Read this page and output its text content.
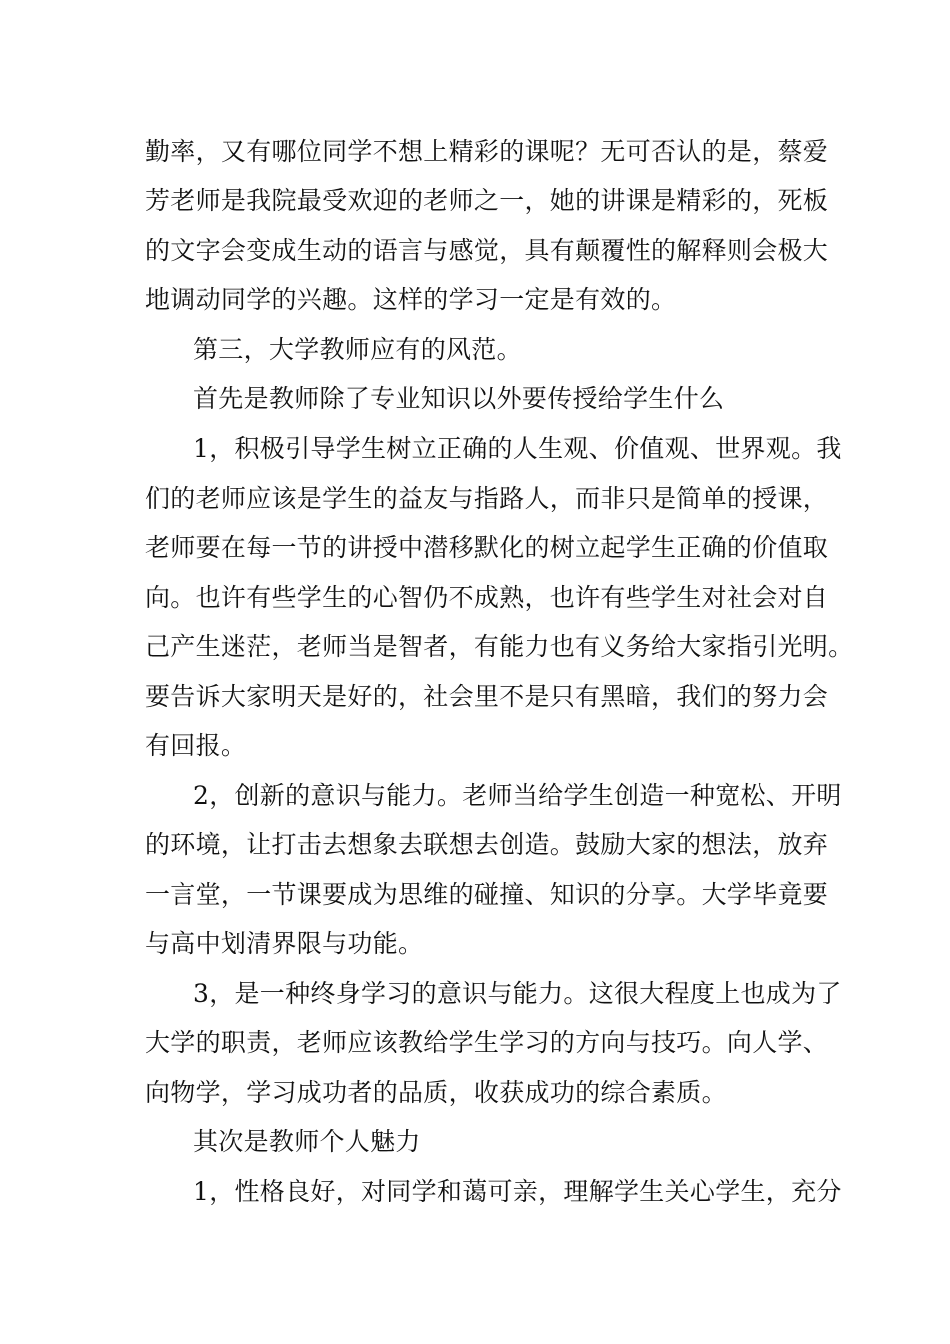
勤率，又有哪位同学不想上精彩的课呢？无可否认的是，蔡爱
芳老师是我院最受欢迎的老师之一，她的讲课是精彩的，死板
的文字会变成生动的语言与感觉，具有颠覆性的解释则会极大
地调动同学的兴趣。这样的学习一定是有效的。
第三，大学教师应有的风范。
首先是教师除了专业知识以外要传授给学生什么
1，积极引导学生树立正确的人生观、价值观、世界观。我
们的老师应该是学生的益友与指路人，而非只是简单的授课，
老师要在每一节的讲授中潜移默化的树立起学生正确的价值取
向。也许有些学生的心智仍不成熟，也许有些学生对社会对自
己产生迷茫，老师当是智者，有能力也有义务给大家指引光明。
要告诉大家明天是好的，社会里不是只有黑暗，我们的努力会
有回报。
2，创新的意识与能力。老师当给学生创造一种宽松、开明
的环境，让打击去想象去联想去创造。鼓励大家的想法，放弃
一言堂，一节课要成为思维的碰撞、知识的分享。大学毕竟要
与高中划清界限与功能。
3，是一种终身学习的意识与能力。这很大程度上也成为了
大学的职责，老师应该教给学生学习的方向与技巧。向人学、
向物学，学习成功者的品质，收获成功的综合素质。
其次是教师个人魅力
1，性格良好，对同学和蔼可亲，理解学生关心学生，充分
